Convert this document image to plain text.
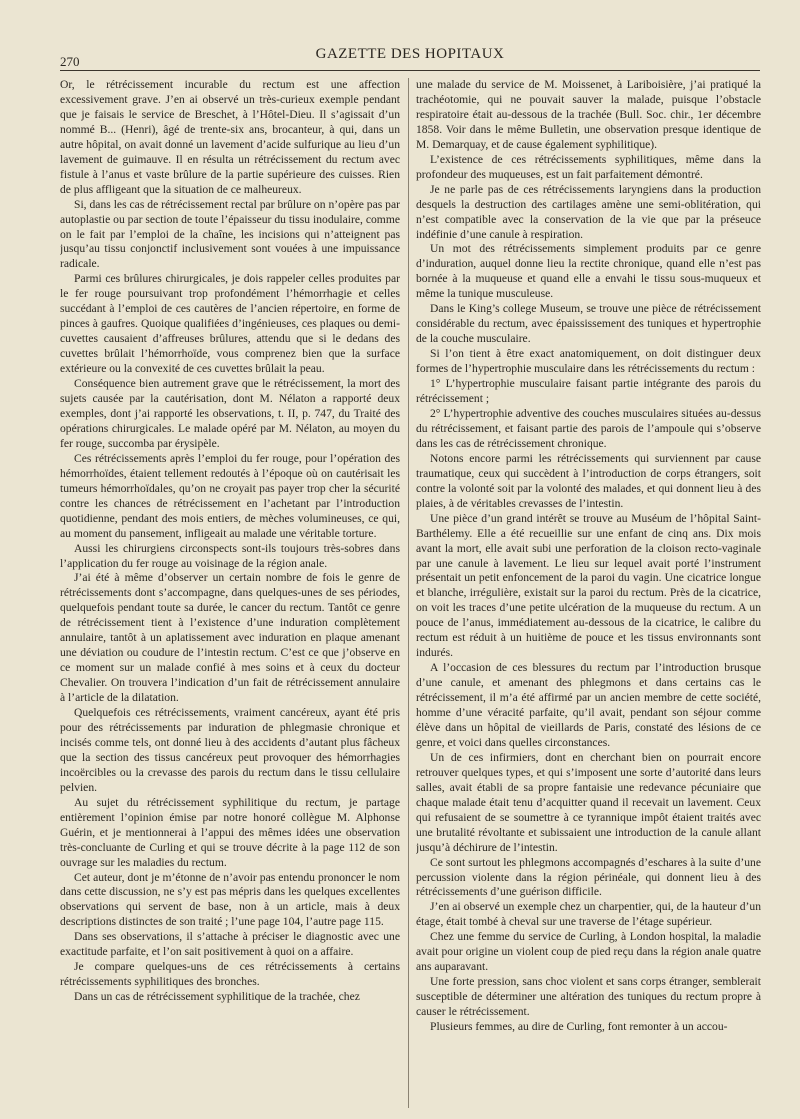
270	GAZETTE DES HOPITAUX

Or, le rétrécissement incurable du rectum est une affection excessivement grave. J’en ai observé un très-curieux exemple pendant que je faisais le service de Breschet, à l’Hôtel-Dieu. Il s’agissait d’un nommé B... (Henri), âgé de trente-six ans, brocanteur, à qui, dans un autre hôpital, on avait donné un lavement d’acide sulfurique au lieu d’un lavement de guimauve. Il en résulta un rétrécissement du rectum avec fistule à l’anus et vaste brûlure de la partie supérieure des cuisses. Rien de plus affligeant que la situation de ce malheureux.

Si, dans les cas de rétrécissement rectal par brûlure on n’opère pas par autoplastie ou par section de toute l’épaisseur du tissu inodulaire, comme on le fait par l’emploi de la chaîne, les incisions qui n’atteignent pas jusqu’au tissu conjonctif inclusivement sont vouées à une impuissance radicale.

Parmi ces brûlures chirurgicales, je dois rappeler celles produites par le fer rouge poursuivant trop profondément l’hémorrhagie et celles succédant à l’emploi de ces cautères de l’ancien répertoire, en forme de pinces à gaufres. Quoique qualifiées d’ingénieuses, ces plaques ou demi-cuvettes causaient d’affreuses brûlures, attendu que si le dedans des cuvettes brûlait l’hémorrhoïde, vous comprenez bien que la surface extérieure ou la convexité de ces cuvettes brûlait la peau.

Conséquence bien autrement grave que le rétrécissement, la mort des sujets causée par la cautérisation, dont M. Nélaton a rapporté deux exemples, dont j’ai rapporté les observations, t. II, p. 747, du Traité des opérations chirurgicales. Le malade opéré par M. Nélaton, au moyen du fer rouge, succomba par érysipèle.

Ces rétrécissements après l’emploi du fer rouge, pour l’opération des hémorrhoïdes, étaient tellement redoutés à l’époque où on cautérisait les tumeurs hémorrhoïdales, qu’on ne croyait pas payer trop cher la sécurité contre les chances de rétrécissement en l’achetant par l’introduction quotidienne, pendant des mois entiers, de mèches volumineuses, ce qui, au moment du pansement, infligeait au malade une véritable torture.

Aussi les chirurgiens circonspects sont-ils toujours très-sobres dans l’application du fer rouge au voisinage de la région anale.

J’ai été à même d’observer un certain nombre de fois le genre de rétrécissements dont s’accompagne, dans quelques-unes de ses périodes, quelquefois pendant toute sa durée, le cancer du rectum. Tantôt ce genre de rétrécissement tient à l’existence d’une induration complètement annulaire, tantôt à un aplatissement avec induration en plaque amenant une déviation ou coudure de l’intestin rectum. C’est ce que j’observe en ce moment sur un malade confié à mes soins et à ceux du docteur Chevalier. On trouvera l’indication d’un fait de rétrécissement annulaire à l’article de la dilatation.

Quelquefois ces rétrécissements, vraiment cancéreux, ayant été pris pour des rétrécissements par induration de phlegmasie chronique et incisés comme tels, ont donné lieu à des accidents d’autant plus fâcheux que la section des tissus cancéreux peut provoquer des hémorrhagies incoërcibles ou la crevasse des parois du rectum dans le tissu cellulaire pelvien.

Au sujet du rétrécissement syphilitique du rectum, je partage entièrement l’opinion émise par notre honoré collègue M. Alphonse Guérin, et je mentionnerai à l’appui des mêmes idées une observation très-concluante de Curling et qui se trouve décrite à la page 112 de son ouvrage sur les maladies du rectum.

Cet auteur, dont je m’étonne de n’avoir pas entendu prononcer le nom dans cette discussion, ne s’y est pas mépris dans les quelques excellentes observations qui servent de base, non à un article, mais à deux descriptions distinctes de son traité ; l’une page 104, l’autre page 115.

Dans ses observations, il s’attache à préciser le diagnostic avec une exactitude parfaite, et l’on sait positivement à quoi on a affaire.

Je compare quelques-uns de ces rétrécissements à certains rétrécissements syphilitiques des bronches.

Dans un cas de rétrécissement syphilitique de la trachée, chez

une malade du service de M. Moissenet, à Lariboisière, j’ai pratiqué la trachéotomie, qui ne pouvait sauver la malade, puisque l’obstacle respiratoire était au-dessous de la trachée (Bull. Soc. chir., 1er décembre 1858. Voir dans le même Bulletin, une observation presque identique de M. Demarquay, et de cause également syphilitique).

L’existence de ces rétrécissements syphilitiques, même dans la profondeur des muqueuses, est un fait parfaitement démontré.

Je ne parle pas de ces rétrécissements laryngiens dans la production desquels la destruction des cartilages amène une semi-oblitération, qui n’est compatible avec la conservation de la vie que par la préseuce indéfinie d’une canule à respiration.

Un mot des rétrécissements simplement produits par ce genre d’induration, auquel donne lieu la rectite chronique, quand elle n’est pas bornée à la muqueuse et quand elle a envahi le tissu sous-muqueux et même la tunique musculeuse.

Dans le King’s college Museum, se trouve une pièce de rétrécissement considérable du rectum, avec épaississement des tuniques et hypertrophie de la couche musculaire.

Si l’on tient à être exact anatomiquement, on doit distinguer deux formes de l’hypertrophie musculaire dans les rétrécissements du rectum :

1° L’hypertrophie musculaire faisant partie intégrante des parois du rétrécissement ;

2° L’hypertrophie adventive des couches musculaires situées au-dessus du rétrécissement, et faisant partie des parois de l’ampoule qui s’observe dans les cas de rétrécissement chronique.

Notons encore parmi les rétrécissements qui surviennent par cause traumatique, ceux qui succèdent à l’introduction de corps étrangers, soit contre la volonté soit par la volonté des malades, et qui donnent lieu à des plaies, à de véritables crevasses de l’intestin.

Une pièce d’un grand intérêt se trouve au Muséum de l’hôpital Saint-Barthélemy. Elle a été recueillie sur une enfant de cinq ans. Dix mois avant la mort, elle avait subi une perforation de la cloison recto-vaginale par une canule à lavement. Le lieu sur lequel avait porté l’instrument présentait un petit enfoncement de la paroi du vagin. Une cicatrice longue et blanche, irrégulière, existait sur la paroi du rectum. Près de la cicatrice, on voit les traces d’une petite ulcération de la muqueuse du rectum. A un pouce de l’anus, immédiatement au-dessous de la cicatrice, le calibre du rectum est réduit à un huitième de pouce et les tissus environnants sont indurés.

A l’occasion de ces blessures du rectum par l’introduction brusque d’une canule, et amenant des phlegmons et dans certains cas le rétrécissement, il m’a été affirmé par un ancien membre de cette société, homme d’une véracité parfaite, qu’il avait, pendant son séjour comme élève dans un hôpital de vieillards de Paris, constaté des lésions de ce genre, et voici dans quelles circonstances.

Un de ces infirmiers, dont en cherchant bien on pourrait encore retrouver quelques types, et qui s’imposent une sorte d’autorité dans leurs salles, avait établi de sa propre fantaisie une redevance pécuniaire que chaque malade était tenu d’acquitter quand il recevait un lavement. Ceux qui refusaient de se soumettre à ce tyrannique impôt étaient traités avec une brutalité révoltante et subissaient une introduction de la canule allant jusqu’à déchirure de l’intestin.

Ce sont surtout les phlegmons accompagnés d’eschares à la suite d’une percussion violente dans la région périnéale, qui donnent lieu à des rétrécissements d’une guérison difficile.

J’en ai observé un exemple chez un charpentier, qui, de la hauteur d’un étage, était tombé à cheval sur une traverse de l’étage supérieur.

Chez une femme du service de Curling, à London hospital, la maladie avait pour origine un violent coup de pied reçu dans la région anale quatre ans auparavant.

Une forte pression, sans choc violent et sans corps étranger, semblerait susceptible de déterminer une altération des tuniques du rectum propre à causer le rétrécissement.

Plusieurs femmes, au dire de Curling, font remonter à un accou-
